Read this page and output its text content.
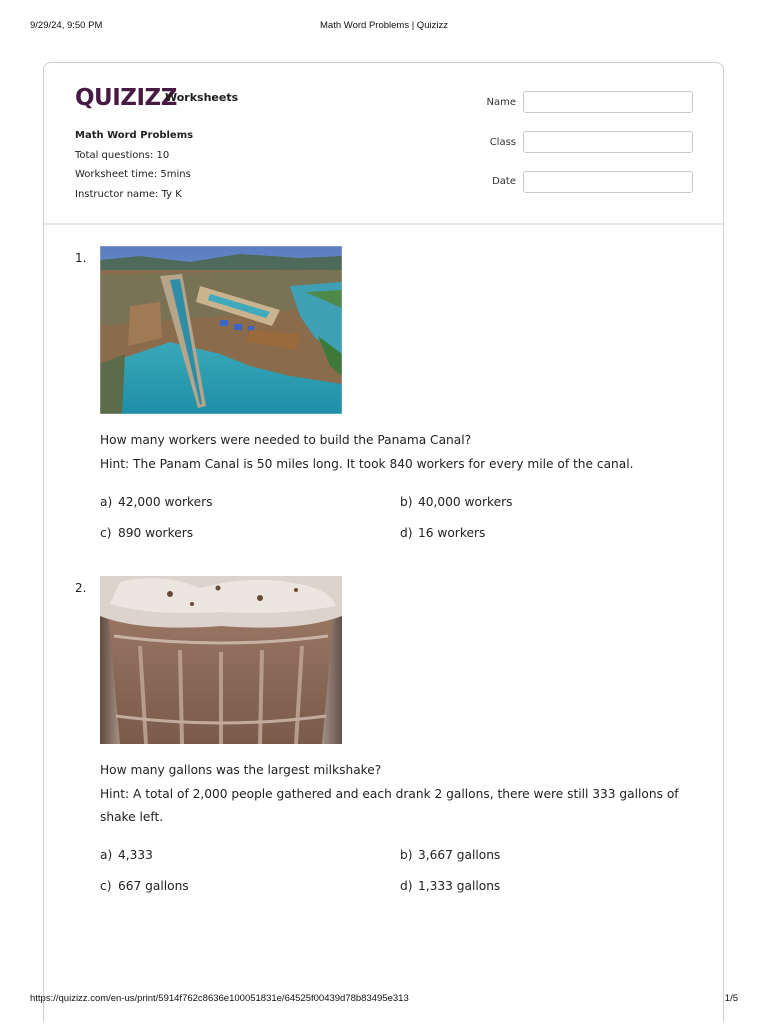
9/29/24, 9:50 PM	Math Word Problems | Quizizz
QUIZIZZ
Worksheets
Math Word Problems
Total questions: 10
Worksheet time: 5mins
Instructor name: Ty K
Name
Class
Date
1.
How many workers were needed to build the Panama Canal?
Hint: The Panam Canal is 50 miles long. It took 840 workers for every mile of the canal.
a) 42,000 workers	b) 40,000 workers
c) 890 workers	d) 16 workers
2.
How many gallons was the largest milkshake?
Hint: A total of 2,000 people gathered and each drank 2 gallons, there were still 333 gallons of shake left.
a) 4,333	b) 3,667 gallons
c) 667 gallons	d) 1,333 gallons
https://quizizz.com/en-us/print/5914f762c8636e100051831e/64525f00439d78b83495e313	1/5
